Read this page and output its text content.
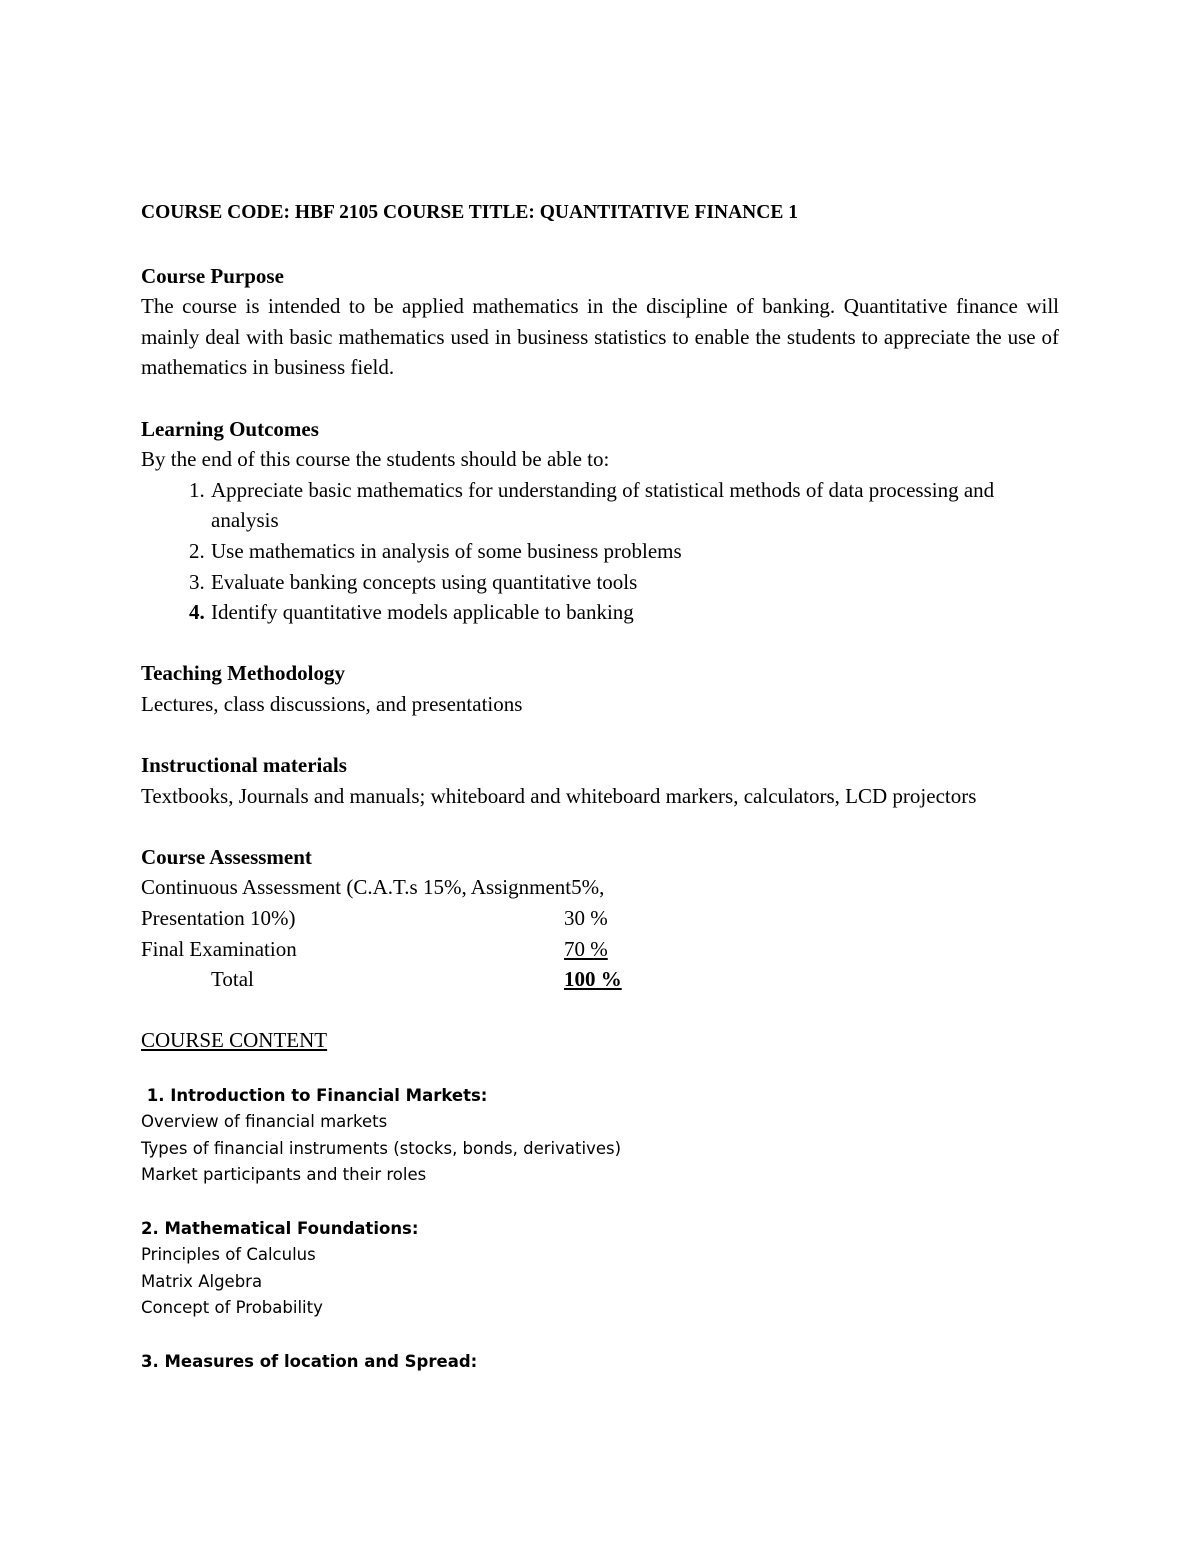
COURSE CODE: HBF 2105 COURSE TITLE: QUANTITATIVE FINANCE 1

Course Purpose

The course is intended to be applied mathematics in the discipline of banking. Quantitative finance will mainly deal with basic mathematics used in business statistics to enable the students to appreciate the use of mathematics in business field.

Learning Outcomes

By the end of this course the students should be able to:

1. Appreciate basic mathematics for understanding of statistical methods of data processing and analysis
2. Use mathematics in analysis of some business problems
3. Evaluate banking concepts using quantitative tools
4. Identify quantitative models applicable to banking

Teaching Methodology

Lectures, class discussions, and presentations

Instructional materials

Textbooks, Journals and manuals; whiteboard and whiteboard markers, calculators, LCD projectors

Course Assessment

Continuous Assessment (C.A.T.s 15%, Assignment5%,

Presentation 10%)	30 %
Final Examination	70 %
Total	100 %

COURSE CONTENT

1. Introduction to Financial Markets:

Overview of financial markets

Types of financial instruments (stocks, bonds, derivatives)

Market participants and their roles

2. Mathematical Foundations:

Principles of Calculus

Matrix Algebra

Concept of Probability

3. Measures of location and Spread:
